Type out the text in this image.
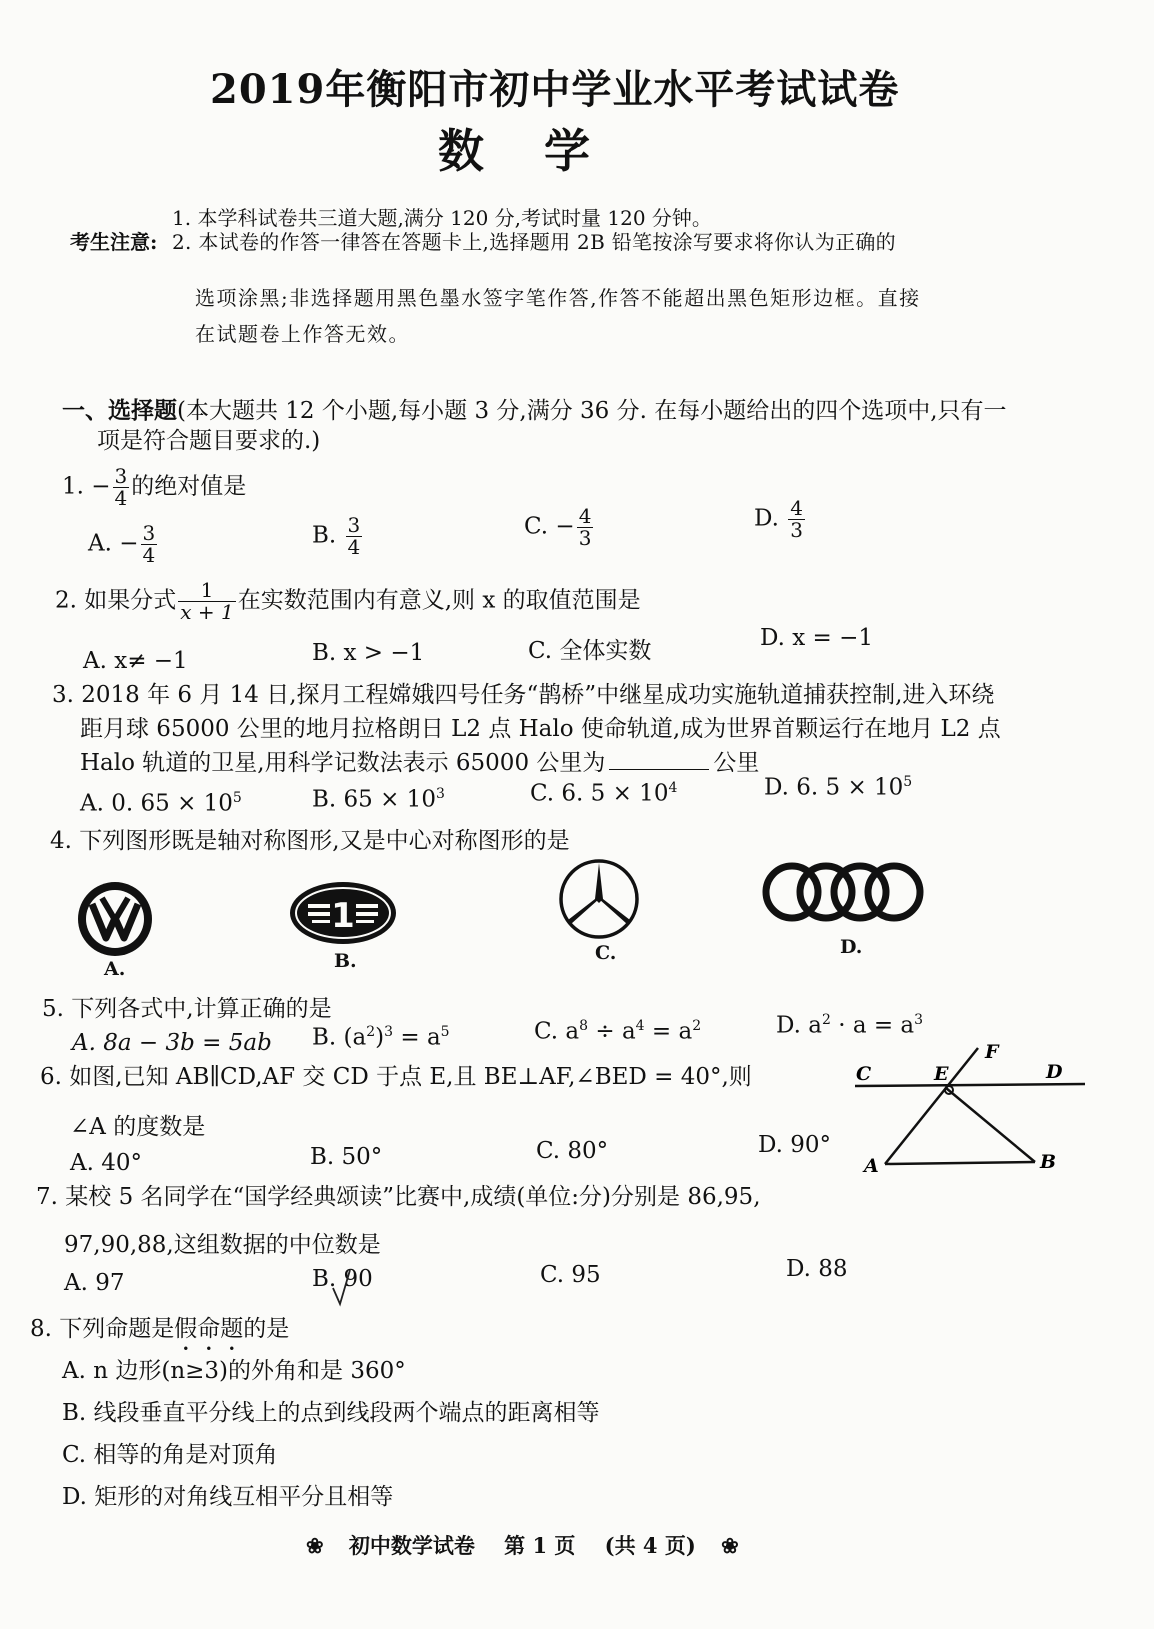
2019年衡阳市初中学业水平考试试卷
数学
考生注意:
1. 本学科试卷共三道大题,满分 120 分,考试时量 120 分钟。
2. 本试卷的作答一律答在答题卡上,选择题用 2B 铅笔按涂写要求将你认为正确的
选项涂黑;非选择题用黑色墨水签字笔作答,作答不能超出黑色矩形边框。直接
在试题卷上作答无效。
一、选择题(本大题共 12 个小题,每小题 3 分,满分 36 分. 在每小题给出的四个选项中,只有一
项是符合题目要求的.)
1. − $\frac{3}{4}$ 的绝对值是
A. − $\frac{3}{4}$	B. $\frac{3}{4}$	C. − $\frac{4}{3}$	D. $\frac{4}{3}$
2. 如果分式 $\frac{1}{x + 1}$ 在实数范围内有意义,则 x 的取值范围是
A. x≠ −1	B. x > −1	C. 全体实数	D. x = −1
3. 2018 年 6 月 14 日,探月工程嫦娥四号任务“鹊桥”中继星成功实施轨道捕获控制,进入环绕
距月球 65000 公里的地月拉格朗日 L2 点 Halo 使命轨道,成为世界首颗运行在地月 L2 点
Halo 轨道的卫星,用科学记数法表示 65000 公里为	公里
A. 0. $65 \times 10^5$	B. $65 \times 10^3$	C. 6. $5 \times 10^4$	D. 6. $5 \times 10^5$
4. 下列图形既是轴对称图形,又是中心对称图形的是
A.
1
B.	C.	D.
5. 下列各式中,计算正确的是
A. 8a − 3b = 5ab B. $(a^2)^3 = a^5$	C. $a^8 \div a^4 = a^2$	D. $a^2 \cdot a = a^3$
6. 如图,已知 AB∥CD,AF 交 CD 于点 E,且 BE⊥AF,∠BED = 40°,则
∠A 的度数是
A. 40°	B. 50°	C. 80°	D. 90°
C	E
F
D
A	B
7. 某校 5 名同学在“国学经典颂读”比赛中,成绩(单位:分)分别是 86,95,
97,90,88,这组数据的中位数是
A. 97	B. 90	C. 95	D. 88
8. 下列命题是假命题的是
A. n 边形(n≥3)的外角和是 360°
B. 线段垂直平分线上的点到线段两个端点的距离相等
C. 相等的角是对顶角
D. 矩形的对角线互相平分且相等
❀ 初中数学试卷    第 1 页    (共 4 页) ❀
